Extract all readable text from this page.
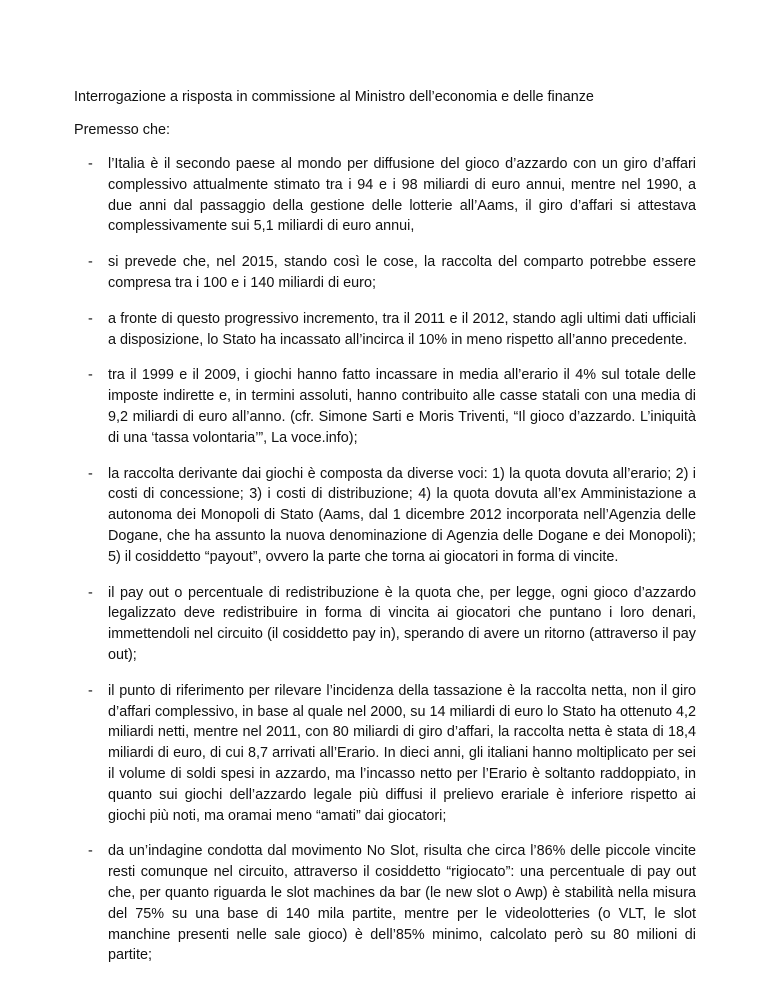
Interrogazione a risposta in commissione al Ministro dell’economia e delle finanze

Premesso che:

-	l’Italia è il secondo paese al mondo per diffusione del gioco d’azzardo con un giro d’affari complessivo attualmente stimato tra i 94 e i 98 miliardi di euro annui, mentre nel 1990, a due anni dal passaggio della gestione delle lotterie all’Aams, il giro d’affari si attestava complessivamente sui 5,1 miliardi di euro annui,
-	si prevede che, nel 2015, stando così le cose, la raccolta del comparto potrebbe essere compresa tra i 100 e i 140 miliardi di euro;
-	a fronte di questo progressivo incremento, tra il 2011 e il 2012, stando agli ultimi dati ufficiali a disposizione, lo Stato ha incassato all’incirca il 10% in meno rispetto all’anno precedente.
-	tra il 1999 e il 2009, i giochi hanno fatto incassare in media all’erario il 4% sul totale delle imposte indirette e, in termini assoluti, hanno contribuito alle casse statali con una media di 9,2 miliardi di euro all’anno. (cfr. Simone Sarti e Moris Triventi, “Il gioco d’azzardo. L’iniquità di una ‘tassa volontaria’”, La voce.info);
-	la raccolta derivante dai giochi è composta da diverse voci: 1) la quota dovuta all’erario; 2) i costi di concessione; 3) i costi di distribuzione; 4) la quota dovuta all’ex Amministazione a autonoma dei Monopoli di Stato (Aams, dal 1 dicembre 2012 incorporata nell’Agenzia delle Dogane, che ha assunto la nuova denominazione di Agenzia delle Dogane e dei Monopoli); 5) il cosiddetto “payout”, ovvero la parte che torna ai giocatori in forma di vincite.
-	il pay out o percentuale di redistribuzione è la quota che, per legge, ogni gioco d’azzardo legalizzato deve redistribuire in forma di vincita ai giocatori che puntano i loro denari, immettendoli nel circuito (il cosiddetto pay in), sperando di avere un ritorno (attraverso il pay out);
-	il punto di riferimento per rilevare l’incidenza della tassazione è la raccolta netta, non il giro d’affari complessivo, in base al quale nel 2000, su 14 miliardi di euro lo Stato ha ottenuto 4,2 miliardi netti, mentre nel 2011, con 80 miliardi di giro d’affari, la raccolta netta è stata di 18,4 miliardi di euro, di cui 8,7 arrivati all’Erario. In dieci anni, gli italiani hanno moltiplicato per sei il volume di soldi spesi in azzardo, ma l’incasso netto per l’Erario è soltanto raddoppiato, in quanto sui giochi dell’azzardo legale più diffusi il prelievo erariale è inferiore rispetto ai giochi più noti, ma oramai meno “amati” dai giocatori;
-	da un’indagine condotta dal movimento No Slot, risulta che circa l’86% delle piccole vincite resti comunque nel circuito, attraverso il cosiddetto “rigiocato”: una percentuale di pay out che, per quanto riguarda le slot machines da bar (le new slot o Awp) è stabilità nella misura del 75% su una base di 140 mila partite, mentre per le videolotteries (o VLT, le slot manchine presenti nelle sale gioco) è dell’85% minimo, calcolato però su 80 milioni di partite;
